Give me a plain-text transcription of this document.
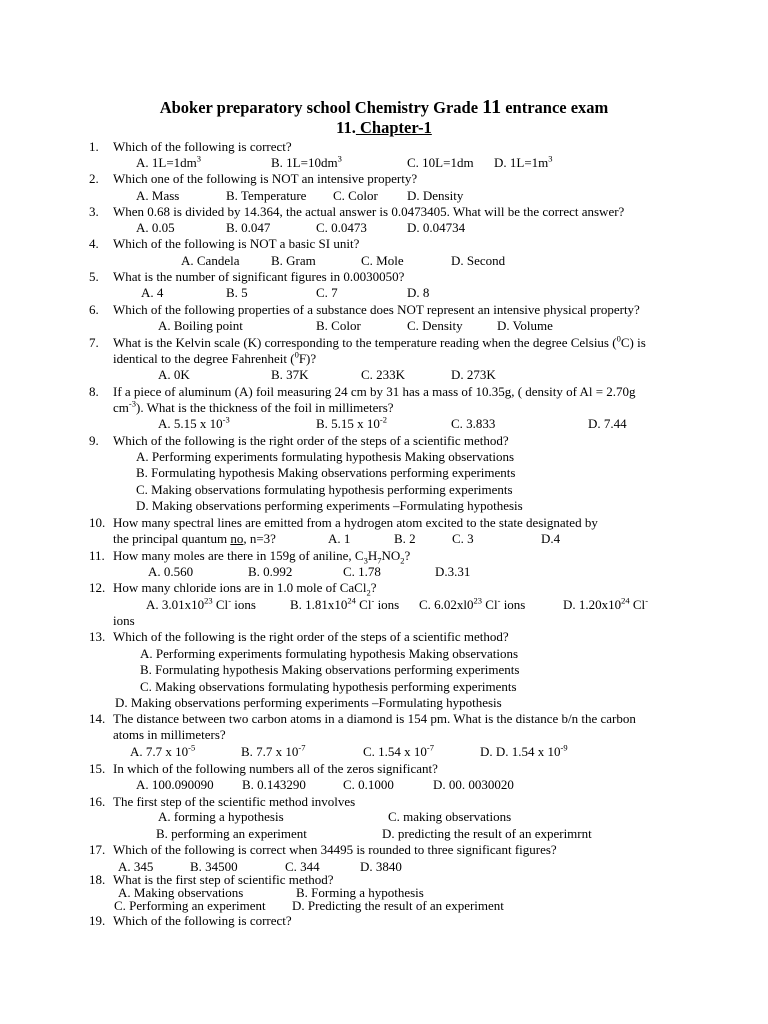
Aboker preparatory school Chemistry Grade 11 entrance exam
11. Chapter-1
1. Which of the following is correct?
A. $1L=1dm^3$	B. $1L=10dm^3$	C. 10L=1dm D. $1L=1m^3$
2. Which one of the following is NOT an intensive property?
A. Mass	B. Temperature C. Color D. Density
3. When 0.68 is divided by 14.364, the actual answer is 0.0473405. What will be the correct answer?
A. 0.05	B. 0.047	C. 0.0473	D. 0.04734
4. Which of the following is NOT a basic SI unit?
A. Candela B. Gram	C. Mole	D. Second
5. What is the number of significant figures in 0.0030050?
A. 4	B. 5	C. 7	D. 8
6. Which of the following properties of a substance does NOT represent an intensive physical property?
A. Boiling point	B. Color	C. Density	D. Volume
7. What is the Kelvin scale (K) corresponding to the temperature reading when the degree Celsius ($^0$C) is
identical to the degree Fahrenheit ($^0$F)?
A. 0K	B. 37K	C. 233K	D. 273K
8. If a piece of aluminum (A) foil measuring 24 cm by 31 has a mass of 10.35g, ( density of Al = 2.70g
$cm^{-3}$). What is the thickness of the foil in millimeters?
A. 5.15 x $10^{-3}$	B. 5.15 x $10^{-2}$	C. 3.833	D. 7.44
9. Which of the following is the right order of the steps of a scientific method?
A. Performing experiments formulating hypothesis Making observations
B. Formulating hypothesis Making observations performing experiments
C. Making observations formulating hypothesis performing experiments
D. Making observations performing experiments –Formulating hypothesis
10. How many spectral lines are emitted from a hydrogen atom excited to the state designated by
the principal quantum no, n=3?	A. 1	B. 2	C. 3	D.4
11. How many moles are there in 159g of aniline, $C_3H_7NO_2$?
A. 0.560	B. 0.992	C. 1.78	D.3.31
12. How many chloride ions are in 1.0 mole of CaCl$_2$?
A. $3.01x10^{23}$ Cl- ions	B. $1.81x10^{24}$ Cl- ions C. $6.02xl0^{23}$ Cl- ions	D. $1.20x10^{24}$ Cl-
ions
13. Which of the following is the right order of the steps of a scientific method?
A. Performing experiments formulating hypothesis Making observations
B. Formulating hypothesis Making observations performing experiments
C. Making observations formulating hypothesis performing experiments
D. Making observations performing experiments –Formulating hypothesis
14. The distance between two carbon atoms in a diamond is 154 pm. What is the distance b/n the carbon
atoms in millimeters?
A. 7.7 x $10^{-5}$	B. 7.7 x $10^{-7}$	C. 1.54 x $10^{-7}$	D. D. 1.54 x $10^{-9}$
15. In which of the following numbers all of the zeros significant?
A. 100.090090 B. 0.143290	C. 0.1000	D. 00. 0030020
16. The first step of the scientific method involves
A. forming a hypothesis	C. making observations
B. performing an experiment	D. predicting the result of an experimrnt
17. Which of the following is correct when 34495 is rounded to three significant figures?
A. 345	B. 34500	C. 344	D. 3840
18. What is the first step of scientific method?
A. Making observations	B. Forming a hypothesis
C. Performing an experiment D. Predicting the result of an experiment
19. Which of the following is correct?
